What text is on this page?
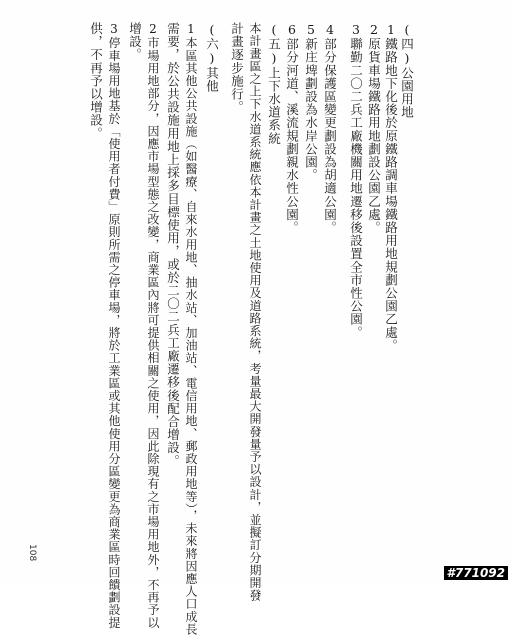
(四)公園用地
1鐵路地下化後於原鐵路調車場鐵路用地規劃公園乙處。
2原貨車場鐵路用地劃設公園乙處。
3聯勤二〇二兵工廠機關用地遷移後設置全市性公園。
4部分保護區變更劃設為胡適公園。
5新庄埤劃設為水岸公園。
6部分河道、溪流規劃親水性公園。
(五)上下水道系統
本計畫區之上下水道系統應依本計畫之土地使用及道路系統，考量最大開發量予以設計，並擬訂分期開發
計畫逐步施行。
(六)其他
1本區其他公共設施（如醫療、自來水用地、抽水站、加油站、電信用地、郵政用地等），未來將因應人口成長
需要，於公共設施用地上採多目標使用，或於二〇二兵工廠遷移後配合增設。
2市場用地部分，因應市場型態之改變，商業區內將可提供相關之使用，因此除現有之市場用地外，不再予以
增設。
3停車場用地基於「使用者付費」原則所需之停車場，將於工業區或其他使用分區變更為商業區時回饋劃設提
供，不再予以增設。
108
#771092
